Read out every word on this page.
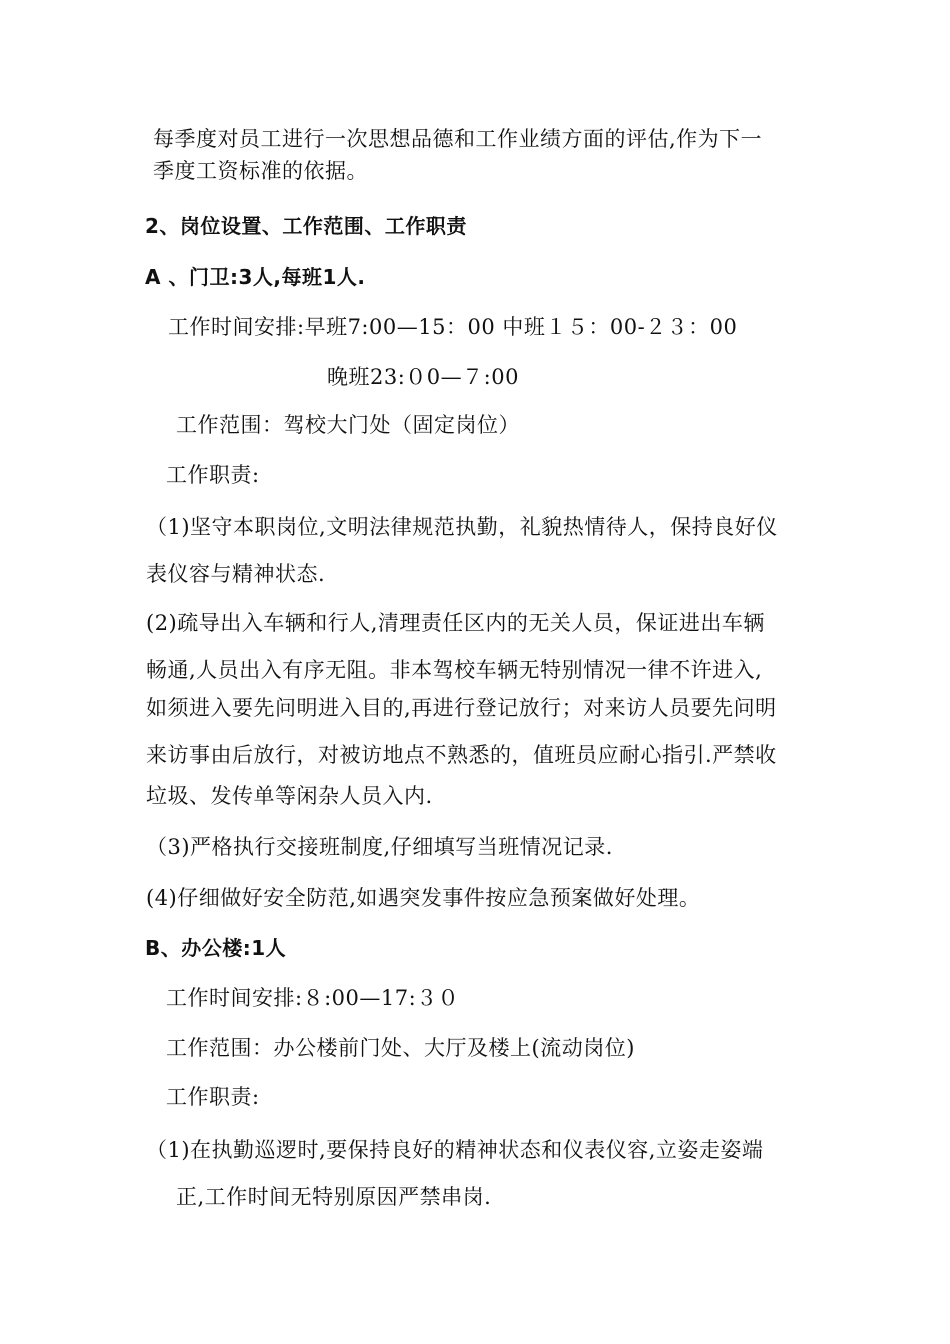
每季度对员工进行一次思想品德和工作业绩方面的评估,作为下一
季度工资标准的依据。
2、岗位设置、工作范围、工作职责
A 、门卫:3人,每班1人.
工作时间安排:早班7:00—15：00 中班１５：00-２３：00
晚班23:０0—７:00
工作范围：驾校大门处（固定岗位）
工作职责:
（1)坚守本职岗位,文明法律规范执勤，礼貌热情待人，保持良好仪
表仪容与精神状态.
(2)疏导出入车辆和行人,清理责任区内的无关人员，保证进出车辆
畅通,人员出入有序无阻。非本驾校车辆无特别情况一律不许进入,
如须进入要先问明进入目的,再进行登记放行；对来访人员要先问明
来访事由后放行，对被访地点不熟悉的，值班员应耐心指引.严禁收
垃圾、发传单等闲杂人员入内.
（3)严格执行交接班制度,仔细填写当班情况记录.
(4)仔细做好安全防范,如遇突发事件按应急预案做好处理。
B、办公楼:1人
工作时间安排:８:00—17:３０
工作范围：办公楼前门处、大厅及楼上(流动岗位)
工作职责:
（1)在执勤巡逻时,要保持良好的精神状态和仪表仪容,立姿走姿端
正,工作时间无特别原因严禁串岗.
